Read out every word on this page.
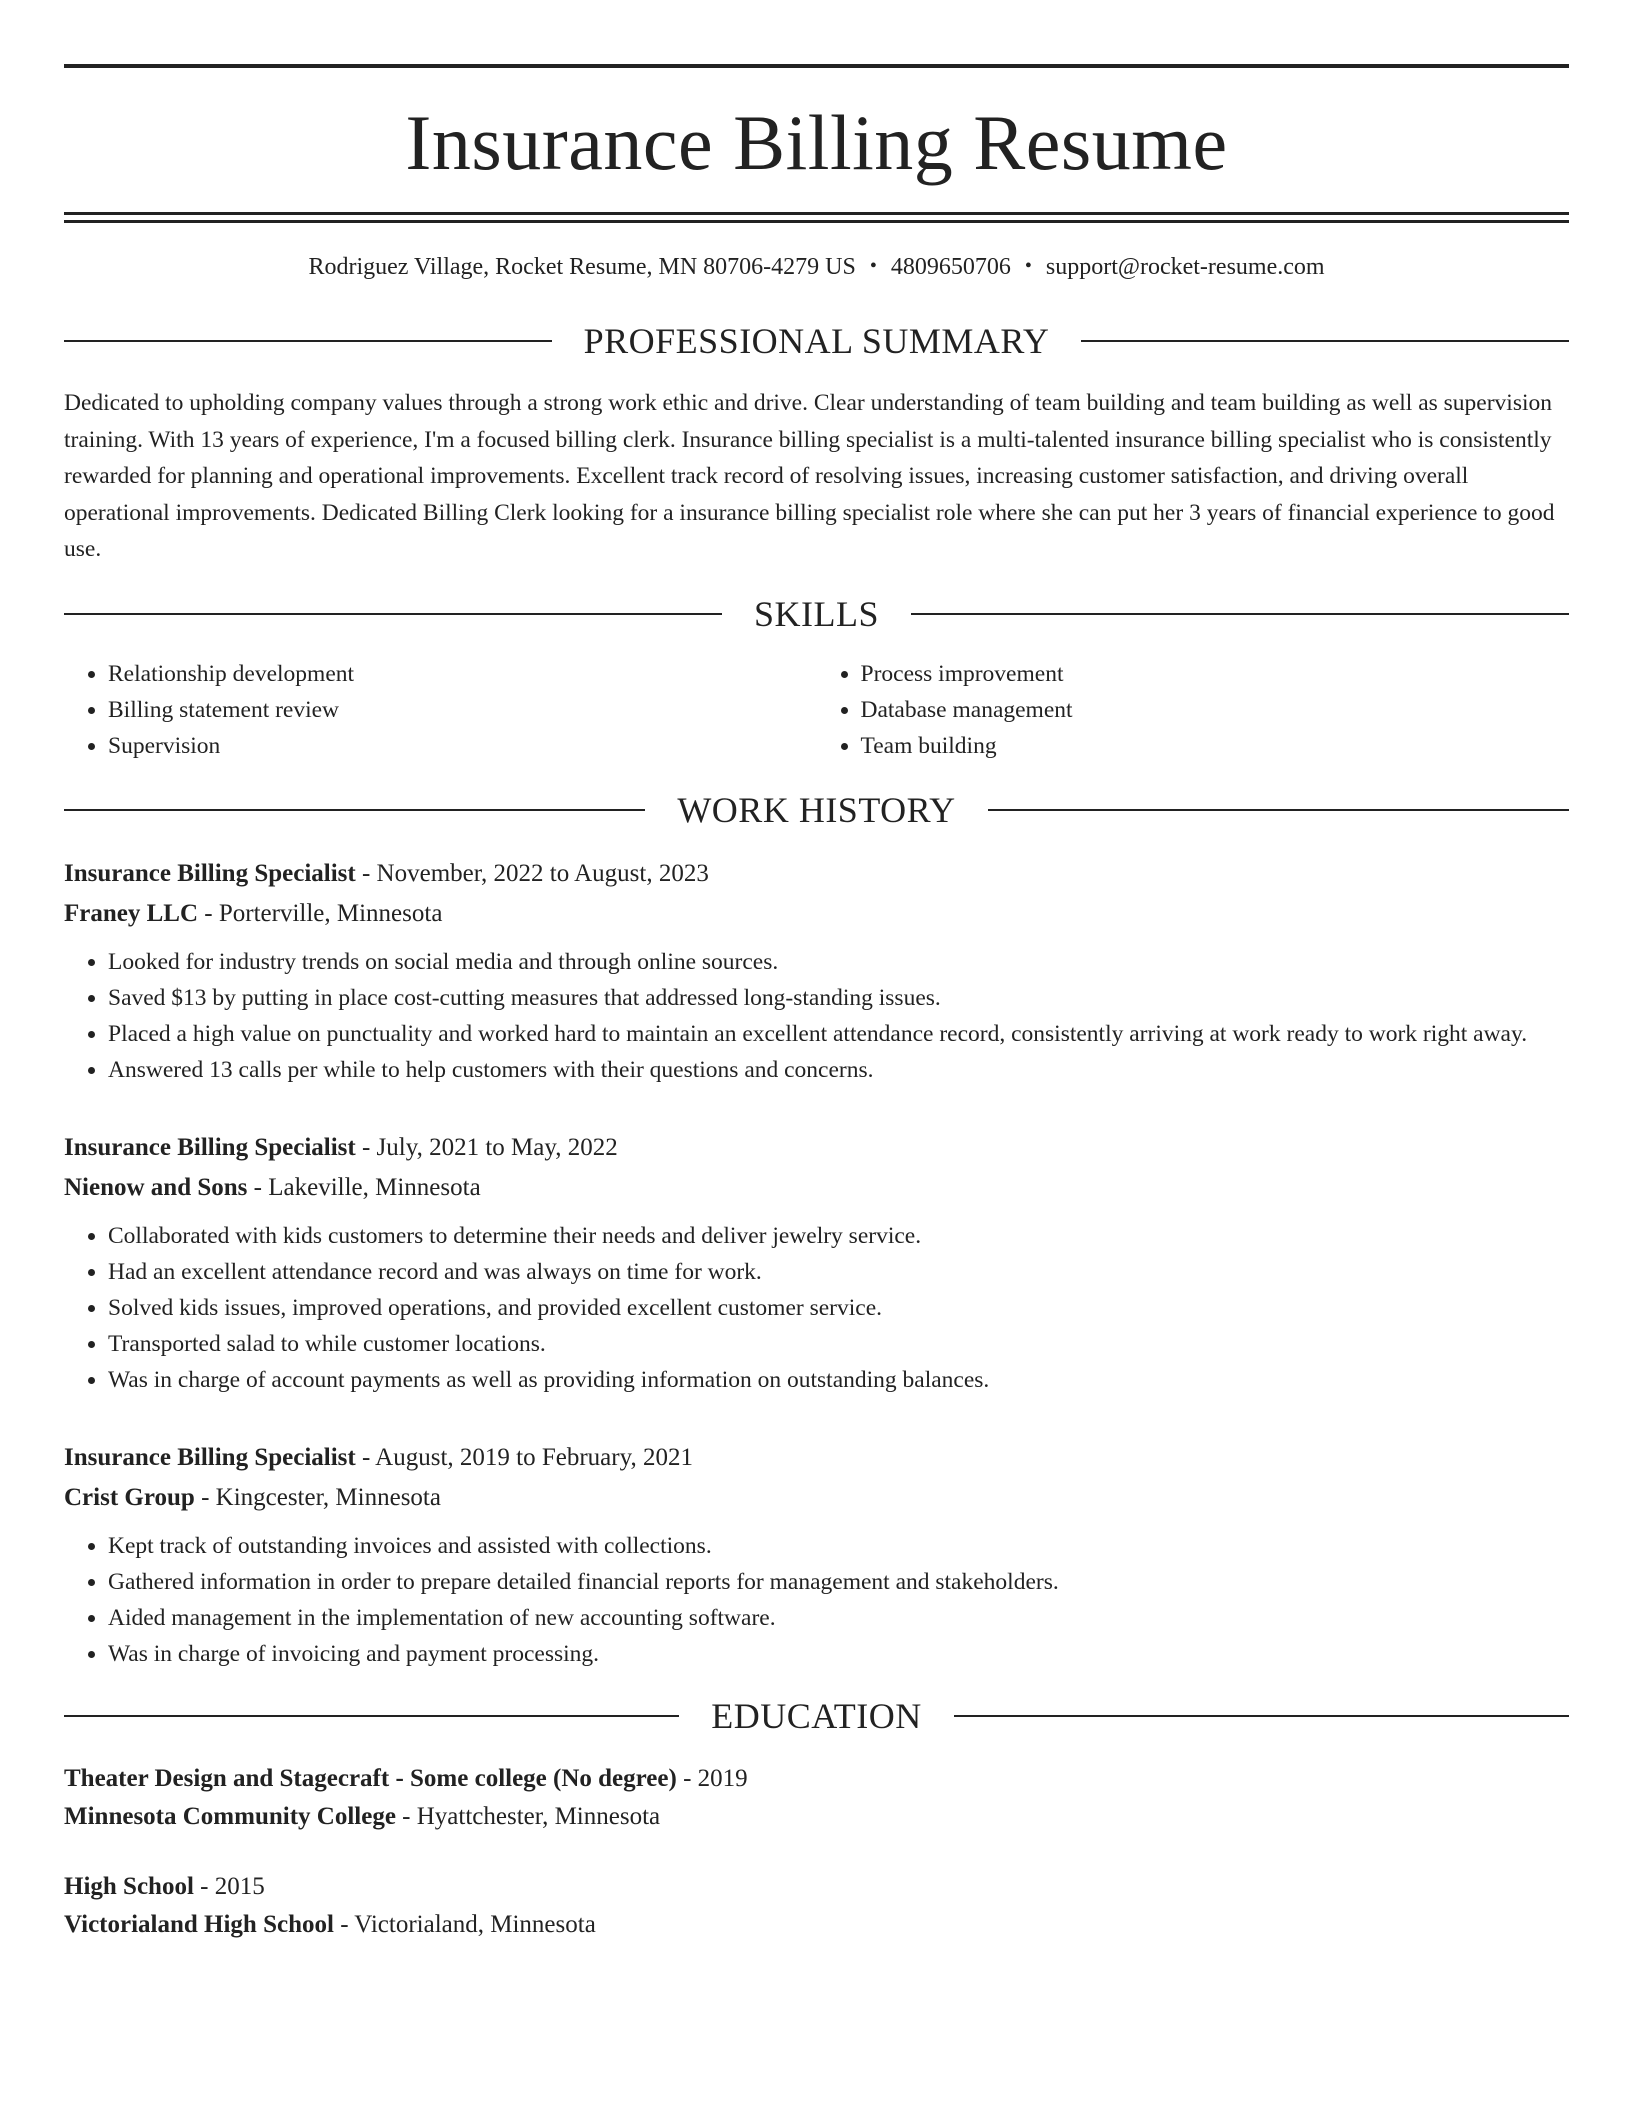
Insurance Billing Resume
Rodriguez Village, Rocket Resume, MN 80706-4279 US • 4809650706 • support@rocket-resume.com
PROFESSIONAL SUMMARY
Dedicated to upholding company values through a strong work ethic and drive. Clear understanding of team building and team building as well as supervision training. With 13 years of experience, I'm a focused billing clerk. Insurance billing specialist is a multi-talented insurance billing specialist who is consistently rewarded for planning and operational improvements. Excellent track record of resolving issues, increasing customer satisfaction, and driving overall operational improvements. Dedicated Billing Clerk looking for a insurance billing specialist role where she can put her 3 years of financial experience to good use.
SKILLS
• Relationship development
• Billing statement review
• Supervision
• Process improvement
• Database management
• Team building
WORK HISTORY
Insurance Billing Specialist - November, 2022 to August, 2023
Franey LLC - Porterville, Minnesota
• Looked for industry trends on social media and through online sources.
• Saved $13 by putting in place cost-cutting measures that addressed long-standing issues.
• Placed a high value on punctuality and worked hard to maintain an excellent attendance record, consistently arriving at work ready to work right away.
• Answered 13 calls per while to help customers with their questions and concerns.
Insurance Billing Specialist - July, 2021 to May, 2022
Nienow and Sons - Lakeville, Minnesota
• Collaborated with kids customers to determine their needs and deliver jewelry service.
• Had an excellent attendance record and was always on time for work.
• Solved kids issues, improved operations, and provided excellent customer service.
• Transported salad to while customer locations.
• Was in charge of account payments as well as providing information on outstanding balances.
Insurance Billing Specialist - August, 2019 to February, 2021
Crist Group - Kingcester, Minnesota
• Kept track of outstanding invoices and assisted with collections.
• Gathered information in order to prepare detailed financial reports for management and stakeholders.
• Aided management in the implementation of new accounting software.
• Was in charge of invoicing and payment processing.
EDUCATION
Theater Design and Stagecraft - Some college (No degree) - 2019
Minnesota Community College - Hyattchester, Minnesota
High School - 2015
Victorialand High School - Victorialand, Minnesota
